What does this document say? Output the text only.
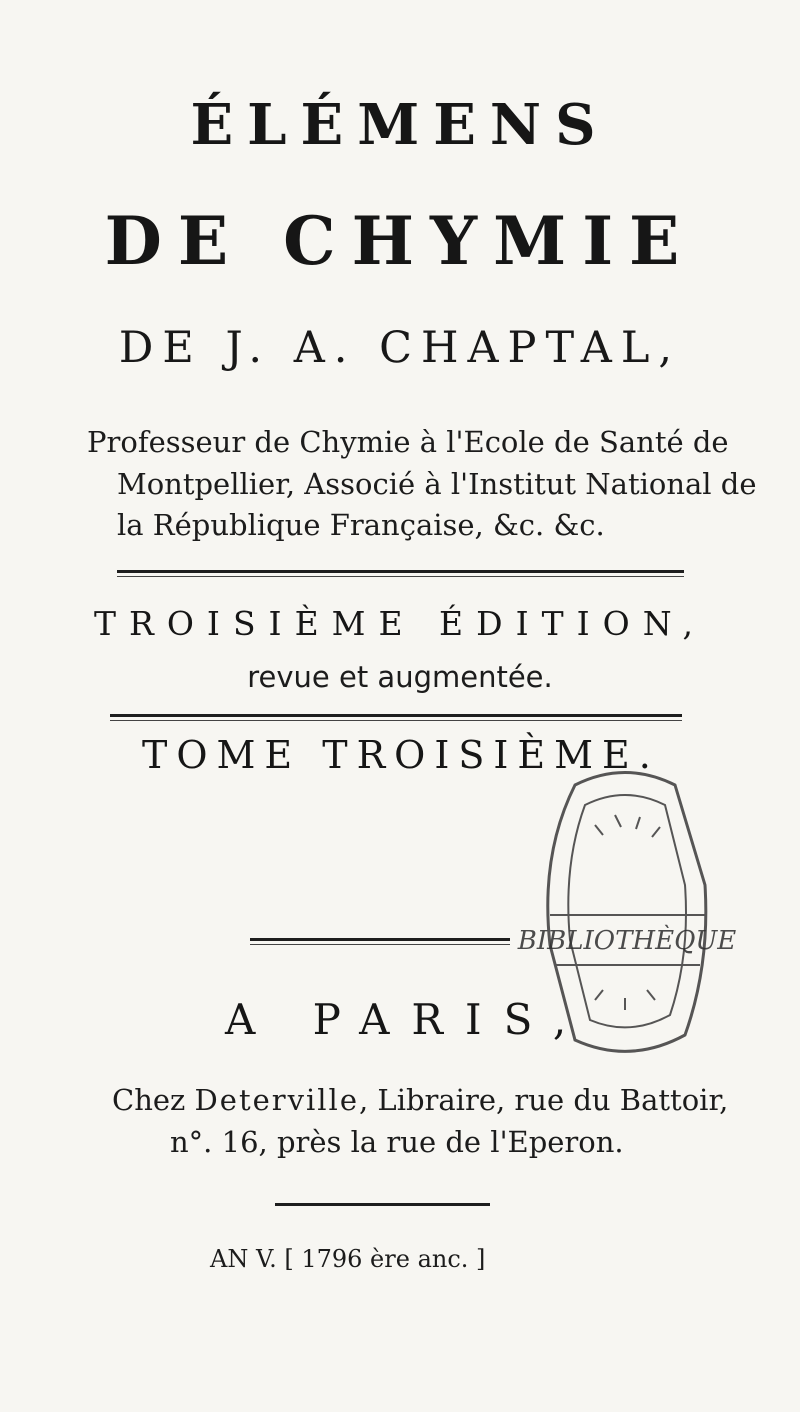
ÉLÉMENS
DE CHYMIE
DE J. A. CHAPTAL,
Professeur de Chymie à l'Ecole de Santé de
Montpellier, Associé à l'Institut National de
la République Française, &c. &c.
TROISIÈME ÉDITION,
revue et augmentée.
TOME TROISIÈME.
A PARIS,
BIBLIOTHÈQUE
Chez Deterville, Libraire, rue du Battoir,
n°. 16, près la rue de l'Eperon.
AN V. [ 1796 ère anc. ]
